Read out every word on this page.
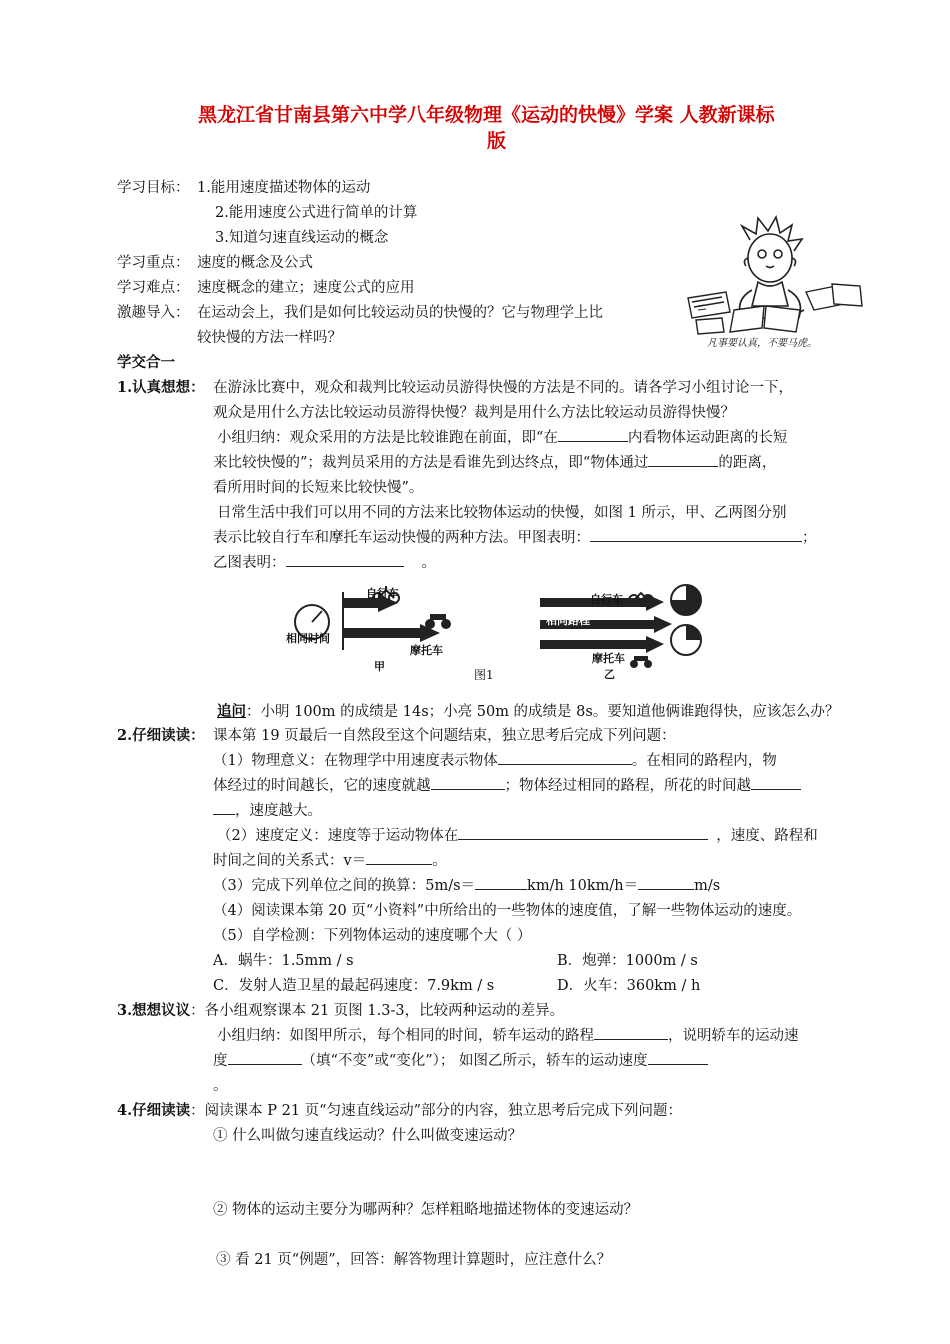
黑龙江省甘南县第六中学八年级物理《运动的快慢》学案 人教新课标
版
学习目标： 1.能用速度描述物体的运动
2.能用速度公式进行简单的计算
3.知道匀速直线运动的概念
学习重点： 速度的概念及公式
学习难点： 速度概念的建立；速度公式的应用
激趣导入： 在运动会上，我们是如何比较运动员的快慢的？它与物理学上比
较快慢的方法一样吗？	凡事要认真，不要马虎。
学交合一
1.认真想想： 在游泳比赛中，观众和裁判比较运动员游得快慢的方法是不同的。请各学习小组讨论一下，
观众是用什么方法比较运动员游得快慢？裁判是用什么方法比较运动员游得快慢？
小组归纳：观众采用的方法是比较谁跑在前面，即“在	内看物体运动距离的长短
来比较快慢的”；裁判员采用的方法是看谁先到达终点，即“物体通过	的距离，
看所用时间的长短来比较快慢”。
日常生活中我们可以用不同的方法来比较物体运动的快慢，如图 1 所示，甲、乙两图分别
表示比较自行车和摩托车运动快慢的两种方法。甲图表明：	；
乙图表明：	。
自行车
摩托车
相同时间
甲
自行车
相同路程
摩托车
乙
图1
追问：小明 100m 的成绩是 14s；小亮 50m 的成绩是 8s。要知道他俩谁跑得快，应该怎么办？
2.仔细读读： 课本第 19 页最后一自然段至这个问题结束，独立思考后完成下列问题：
（1）物理意义：在物理学中用速度表示物体	。在相同的路程内，物
体经过的时间越长，它的速度就越	；物体经过相同的路程，所花的时间越
，速度越大。
（2）速度定义：速度等于运动物体在	，速度、路程和
时间之间的关系式：v＝	。
（3）完成下列单位之间的换算：5m/s＝	km/h 10km/h＝	m/s
（4）阅读课本第 20 页“小资料”中所给出的一些物体的速度值，了解一些物体运动的速度。
（5）自学检测：下列物体运动的速度哪个大（ ）
A．蜗牛：1.5mm / s	B．炮弹：1000m / s
C．发射人造卫星的最起码速度：7.9km / s	D．火车：360km / h
3.想想议议：各小组观察课本 21 页图 1.3-3，比较两种运动的差异。
小组归纳：如图甲所示，每个相同的时间，轿车运动的路程	，说明轿车的运动速
度	（填“不变”或“变化”）； 如图乙所示，轿车的运动速度
。
4.仔细读读：阅读课本 P 21 页“匀速直线运动”部分的内容，独立思考后完成下列问题：
① 什么叫做匀速直线运动？什么叫做变速运动？
② 物体的运动主要分为哪两种？怎样粗略地描述物体的变速运动？
③ 看 21 页“例题”，回答：解答物理计算题时，应注意什么？
